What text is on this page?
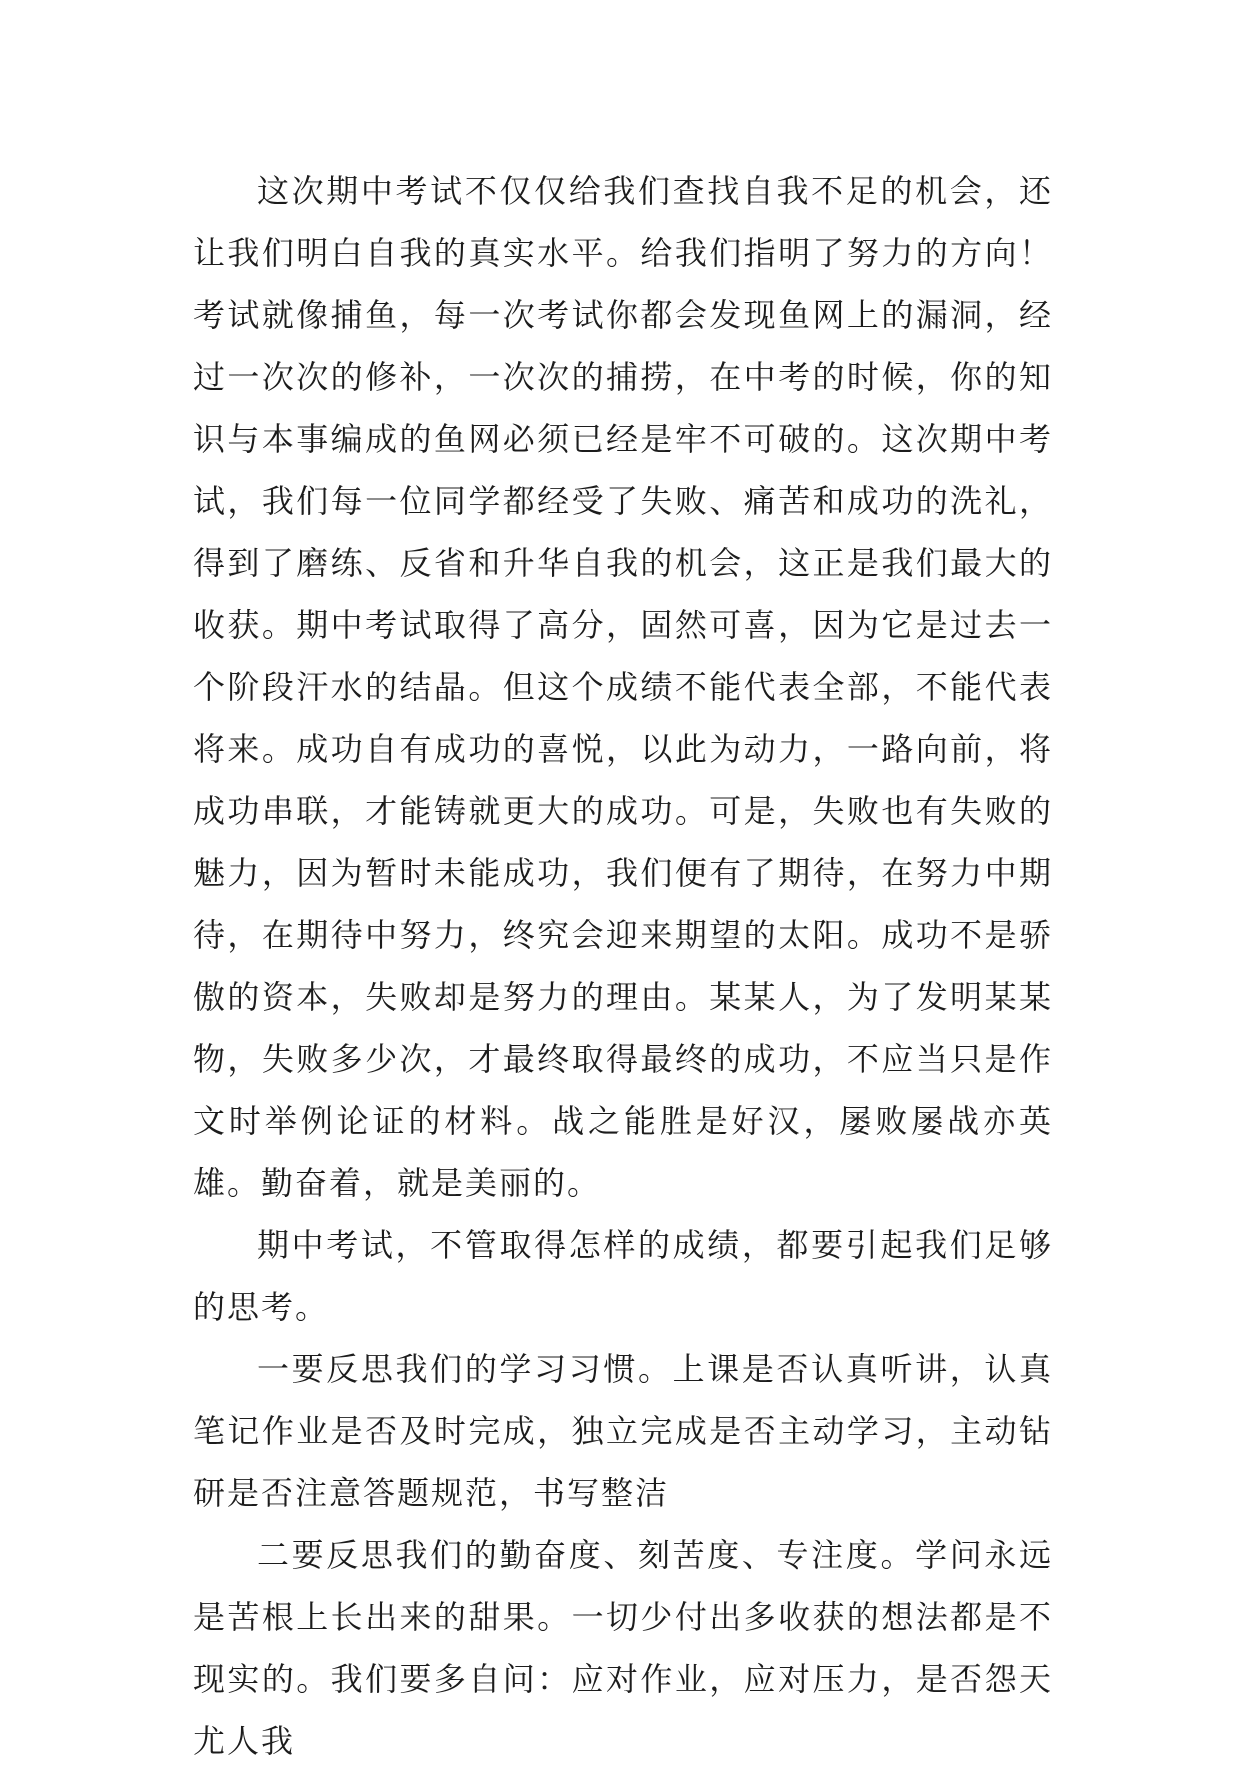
这次期中考试不仅仅给我们查找自我不足的机会，还让我们明白自我的真实水平。给我们指明了努力的方向！考试就像捕鱼，每一次考试你都会发现鱼网上的漏洞，经过一次次的修补，一次次的捕捞，在中考的时候，你的知识与本事编成的鱼网必须已经是牢不可破的。这次期中考试，我们每一位同学都经受了失败、痛苦和成功的洗礼，得到了磨练、反省和升华自我的机会，这正是我们最大的收获。期中考试取得了高分，固然可喜，因为它是过去一个阶段汗水的结晶。但这个成绩不能代表全部，不能代表将来。成功自有成功的喜悦，以此为动力，一路向前，将成功串联，才能铸就更大的成功。可是，失败也有失败的魅力，因为暂时未能成功，我们便有了期待，在努力中期待，在期待中努力，终究会迎来期望的太阳。成功不是骄傲的资本，失败却是努力的理由。某某人，为了发明某某物，失败多少次，才最终取得最终的成功，不应当只是作文时举例论证的材料。战之能胜是好汉，屡败屡战亦英雄。勤奋着，就是美丽的。

期中考试，不管取得怎样的成绩，都要引起我们足够的思考。

一要反思我们的学习习惯。上课是否认真听讲，认真笔记作业是否及时完成，独立完成是否主动学习，主动钻研是否注意答题规范，书写整洁

二要反思我们的勤奋度、刻苦度、专注度。学问永远是苦根上长出来的甜果。一切少付出多收获的想法都是不现实的。我们要多自问：应对作业，应对压力，是否怨天尤人我
